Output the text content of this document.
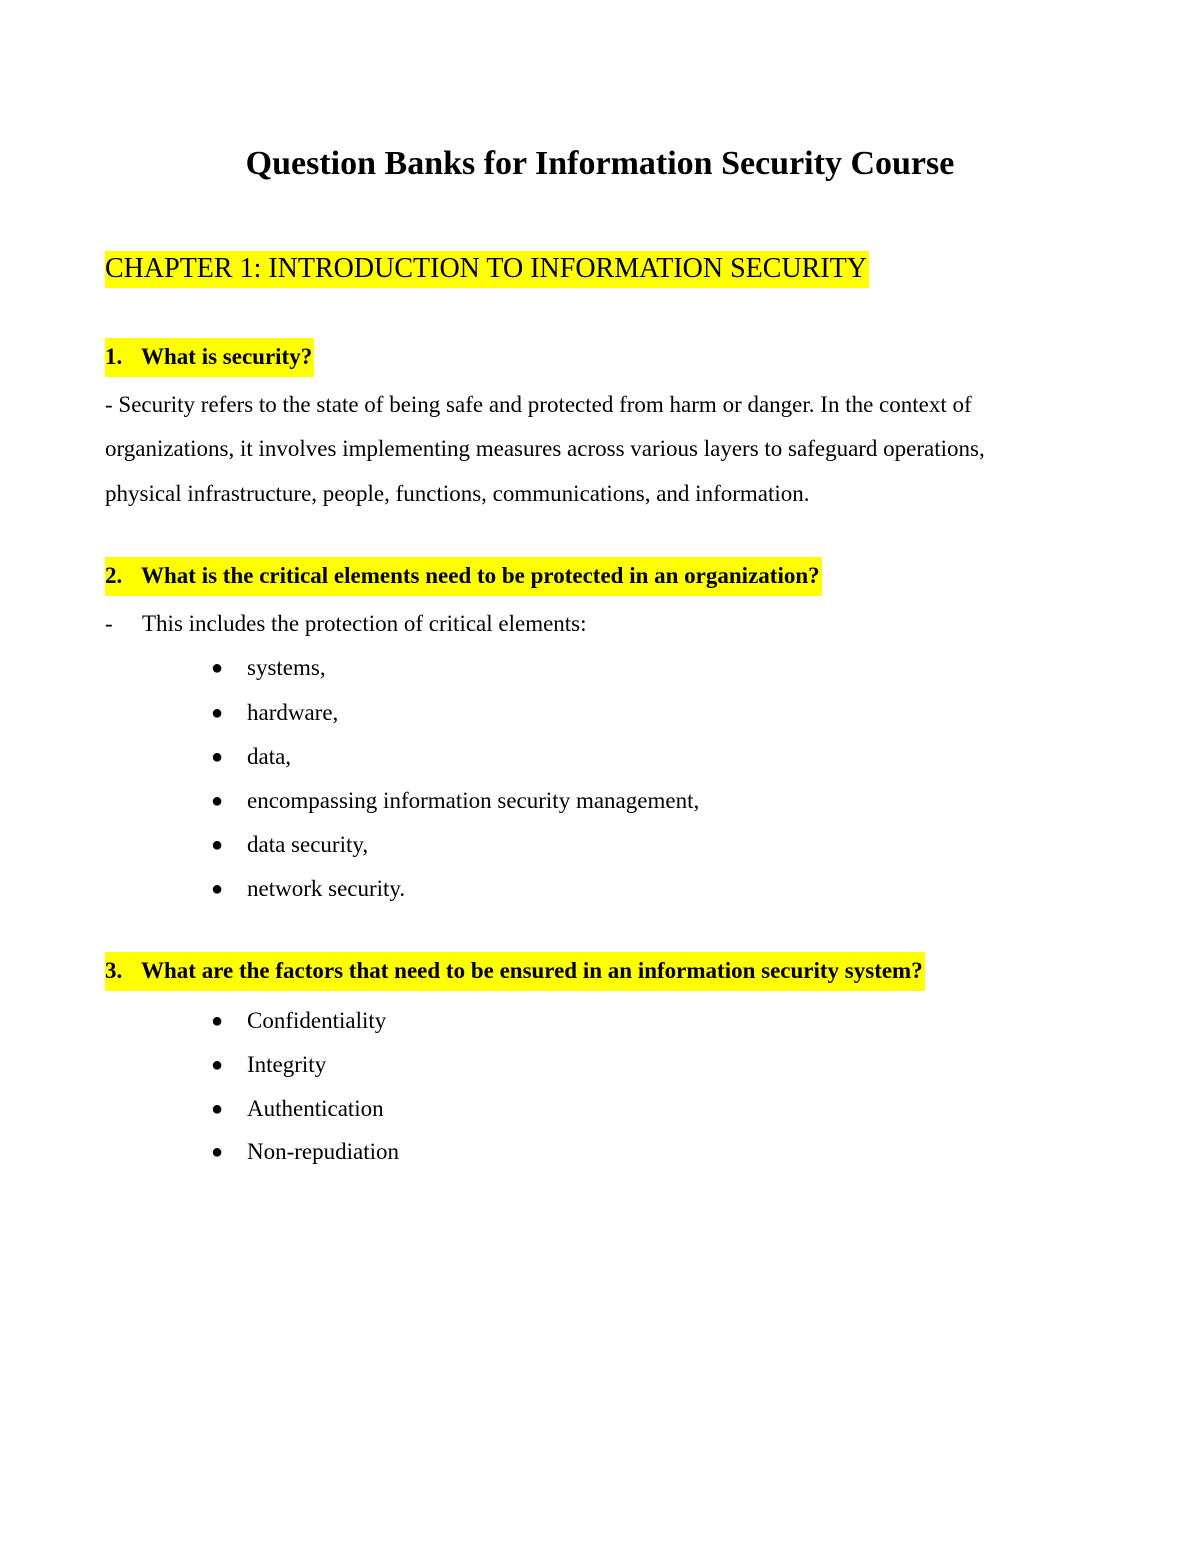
Question Banks for Information Security Course
CHAPTER 1: INTRODUCTION TO INFORMATION SECURITY
1. What is security?
- Security refers to the state of being safe and protected from harm or danger. In the context of
organizations, it involves implementing measures across various layers to safeguard operations,
physical infrastructure, people, functions, communications, and information.
2. What is the critical elements need to be protected in an organization?
- This includes the protection of critical elements:
● systems,
● hardware,
● data,
● encompassing information security management,
● data security,
● network security.
3. What are the factors that need to be ensured in an information security system?
● Confidentiality
● Integrity
● Authentication
● Non-repudiation
